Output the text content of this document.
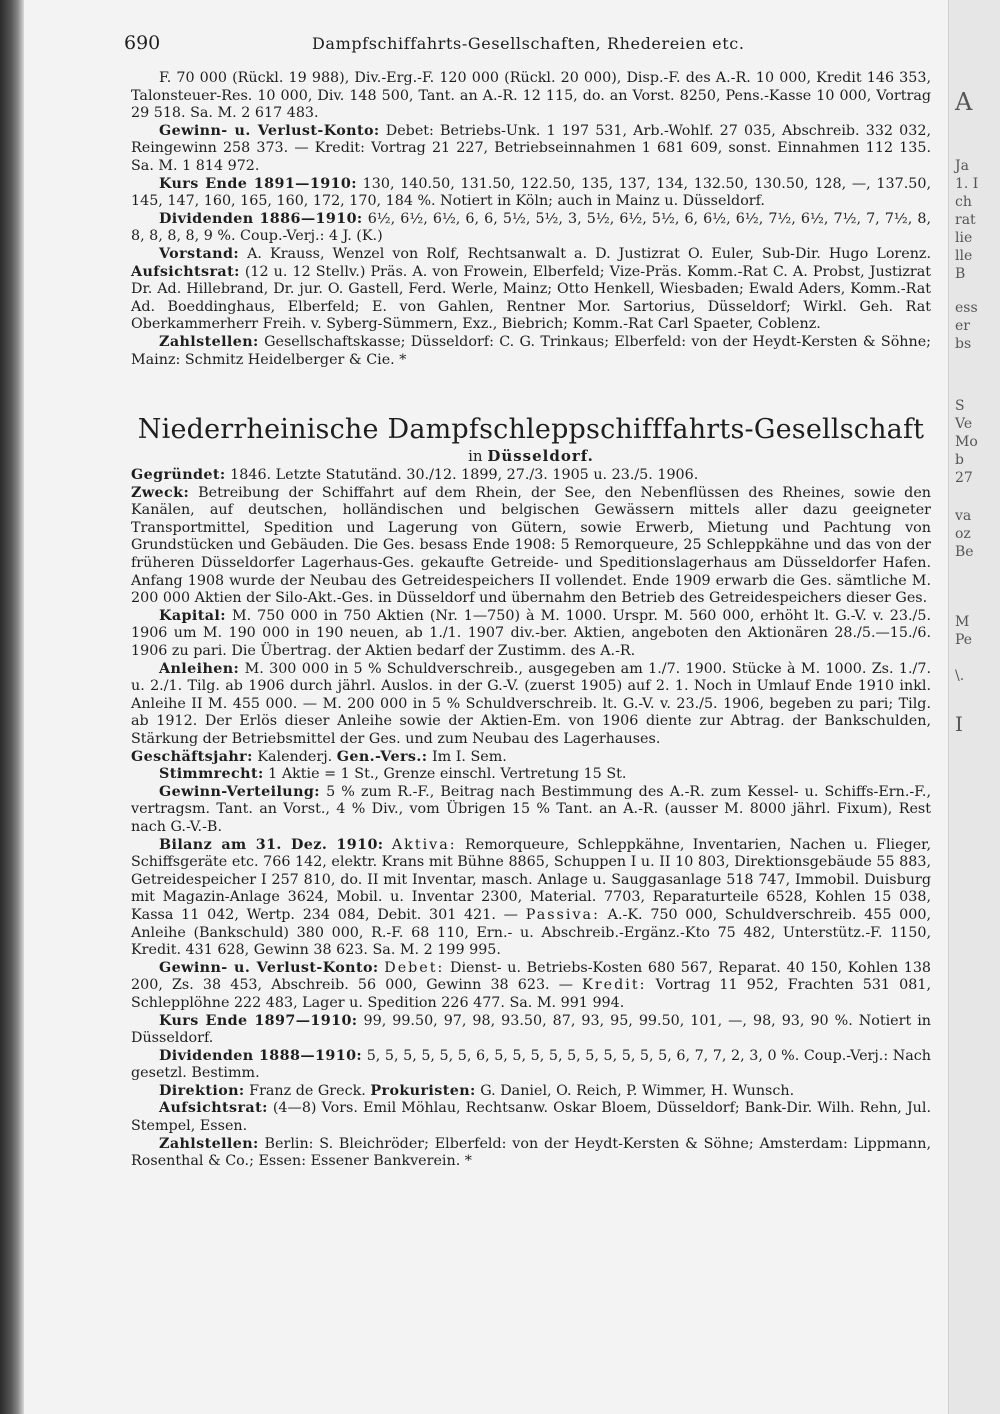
A
Ja
1. I
ch
rat
lie
lle
B
ess
er
bs
S
Ve
Mo
b
27
va
oz
Be
M
Pe
\.
I
690	Dampfschiffahrts-Gesellschaften, Rhedereien etc.

F. 70 000 (Rückl. 19 988), Div.-Erg.-F. 120 000 (Rückl. 20 000), Disp.-F. des A.-R. 10 000, Kredit 146 353, Talonsteuer-Res. 10 000, Div. 148 500, Tant. an A.-R. 12 115, do. an Vorst. 8250, Pens.-Kasse 10 000, Vortrag 29 518. Sa. M. 2 617 483.

Gewinn- u. Verlust-Konto: Debet: Betriebs-Unk. 1 197 531, Arb.-Wohlf. 27 035, Abschreib. 332 032, Reingewinn 258 373. — Kredit: Vortrag 21 227, Betriebseinnahmen 1 681 609, sonst. Einnahmen 112 135. Sa. M. 1 814 972.

Kurs Ende 1891—1910: 130, 140.50, 131.50, 122.50, 135, 137, 134, 132.50, 130.50, 128, —, 137.50, 145, 147, 160, 165, 160, 172, 170, 184 %. Notiert in Köln; auch in Mainz u. Düsseldorf.

Dividenden 1886—1910: 6½, 6½, 6½, 6, 6, 5½, 5½, 3, 5½, 6½, 5½, 6, 6½, 6½, 7½, 6½, 7½, 7, 7½, 8, 8, 8, 8, 8, 9 %. Coup.-Verj.: 4 J. (K.)

Vorstand: A. Krauss, Wenzel von Rolf, Rechtsanwalt a. D. Justizrat O. Euler, Sub-Dir. Hugo Lorenz. Aufsichtsrat: (12 u. 12 Stellv.) Präs. A. von Frowein, Elberfeld; Vize-Präs. Komm.-Rat C. A. Probst, Justizrat Dr. Ad. Hillebrand, Dr. jur. O. Gastell, Ferd. Werle, Mainz; Otto Henkell, Wiesbaden; Ewald Aders, Komm.-Rat Ad. Boeddinghaus, Elberfeld; E. von Gahlen, Rentner Mor. Sartorius, Düsseldorf; Wirkl. Geh. Rat Oberkammerherr Freih. v. Syberg-Sümmern, Exz., Biebrich; Komm.-Rat Carl Spaeter, Coblenz.

Zahlstellen: Gesellschaftskasse; Düsseldorf: C. G. Trinkaus; Elberfeld: von der Heydt-Kersten & Söhne; Mainz: Schmitz Heidelberger & Cie. *

Niederrheinische Dampfschleppschifffahrts-Gesellschaft
in Düsseldorf.

Gegründet: 1846. Letzte Statutänd. 30./12. 1899, 27./3. 1905 u. 23./5. 1906.

Zweck: Betreibung der Schiffahrt auf dem Rhein, der See, den Nebenflüssen des Rheines, sowie den Kanälen, auf deutschen, holländischen und belgischen Gewässern mittels aller dazu geeigneter Transportmittel, Spedition und Lagerung von Gütern, sowie Erwerb, Mietung und Pachtung von Grundstücken und Gebäuden. Die Ges. besass Ende 1908: 5 Remorqueure, 25 Schleppkähne und das von der früheren Düsseldorfer Lagerhaus-Ges. gekaufte Getreide- und Speditionslagerhaus am Düsseldorfer Hafen. Anfang 1908 wurde der Neubau des Getreidespeichers II vollendet. Ende 1909 erwarb die Ges. sämtliche M. 200 000 Aktien der Silo-Akt.-Ges. in Düsseldorf und übernahm den Betrieb des Getreidespeichers dieser Ges.

Kapital: M. 750 000 in 750 Aktien (Nr. 1—750) à M. 1000. Urspr. M. 560 000, erhöht lt. G.-V. v. 23./5. 1906 um M. 190 000 in 190 neuen, ab 1./1. 1907 div.-ber. Aktien, angeboten den Aktionären 28./5.—15./6. 1906 zu pari. Die Übertrag. der Aktien bedarf der Zustimm. des A.-R.

Anleihen: M. 300 000 in 5 % Schuldverschreib., ausgegeben am 1./7. 1900. Stücke à M. 1000. Zs. 1./7. u. 2./1. Tilg. ab 1906 durch jährl. Auslos. in der G.-V. (zuerst 1905) auf 2. 1. Noch in Umlauf Ende 1910 inkl. Anleihe II M. 455 000. — M. 200 000 in 5 % Schuldverschreib. lt. G.-V. v. 23./5. 1906, begeben zu pari; Tilg. ab 1912. Der Erlös dieser Anleihe sowie der Aktien-Em. von 1906 diente zur Abtrag. der Bankschulden, Stärkung der Betriebsmittel der Ges. und zum Neubau des Lagerhauses.

Geschäftsjahr: Kalenderj. Gen.-Vers.: Im I. Sem.

Stimmrecht: 1 Aktie = 1 St., Grenze einschl. Vertretung 15 St.

Gewinn-Verteilung: 5 % zum R.-F., Beitrag nach Bestimmung des A.-R. zum Kessel- u. Schiffs-Ern.-F., vertragsm. Tant. an Vorst., 4 % Div., vom Übrigen 15 % Tant. an A.-R. (ausser M. 8000 jährl. Fixum), Rest nach G.-V.-B.

Bilanz am 31. Dez. 1910: Aktiva: Remorqueure, Schleppkähne, Inventarien, Nachen u. Flieger, Schiffsgeräte etc. 766 142, elektr. Krans mit Bühne 8865, Schuppen I u. II 10 803, Direktionsgebäude 55 883, Getreidespeicher I 257 810, do. II mit Inventar, masch. Anlage u. Sauggasanlage 518 747, Immobil. Duisburg mit Magazin-Anlage 3624, Mobil. u. Inventar 2300, Material. 7703, Reparaturteile 6528, Kohlen 15 038, Kassa 11 042, Wertp. 234 084, Debit. 301 421. — Passiva: A.-K. 750 000, Schuldverschreib. 455 000, Anleihe (Bankschuld) 380 000, R.-F. 68 110, Ern.- u. Abschreib.-Ergänz.-Kto 75 482, Unterstütz.-F. 1150, Kredit. 431 628, Gewinn 38 623. Sa. M. 2 199 995.

Gewinn- u. Verlust-Konto: Debet: Dienst- u. Betriebs-Kosten 680 567, Reparat. 40 150, Kohlen 138 200, Zs. 38 453, Abschreib. 56 000, Gewinn 38 623. — Kredit: Vortrag 11 952, Frachten 531 081, Schlepplöhne 222 483, Lager u. Spedition 226 477. Sa. M. 991 994.

Kurs Ende 1897—1910: 99, 99.50, 97, 98, 93.50, 87, 93, 95, 99.50, 101, —, 98, 93, 90 %. Notiert in Düsseldorf.

Dividenden 1888—1910: 5, 5, 5, 5, 5, 5, 6, 5, 5, 5, 5, 5, 5, 5, 5, 5, 5, 6, 7, 7, 2, 3, 0 %. Coup.-Verj.: Nach gesetzl. Bestimm.

Direktion: Franz de Greck. Prokuristen: G. Daniel, O. Reich, P. Wimmer, H. Wunsch.

Aufsichtsrat: (4—8) Vors. Emil Möhlau, Rechtsanw. Oskar Bloem, Düsseldorf; Bank-Dir. Wilh. Rehn, Jul. Stempel, Essen.

Zahlstellen: Berlin: S. Bleichröder; Elberfeld: von der Heydt-Kersten & Söhne; Amsterdam: Lippmann, Rosenthal & Co.; Essen: Essener Bankverein. *
